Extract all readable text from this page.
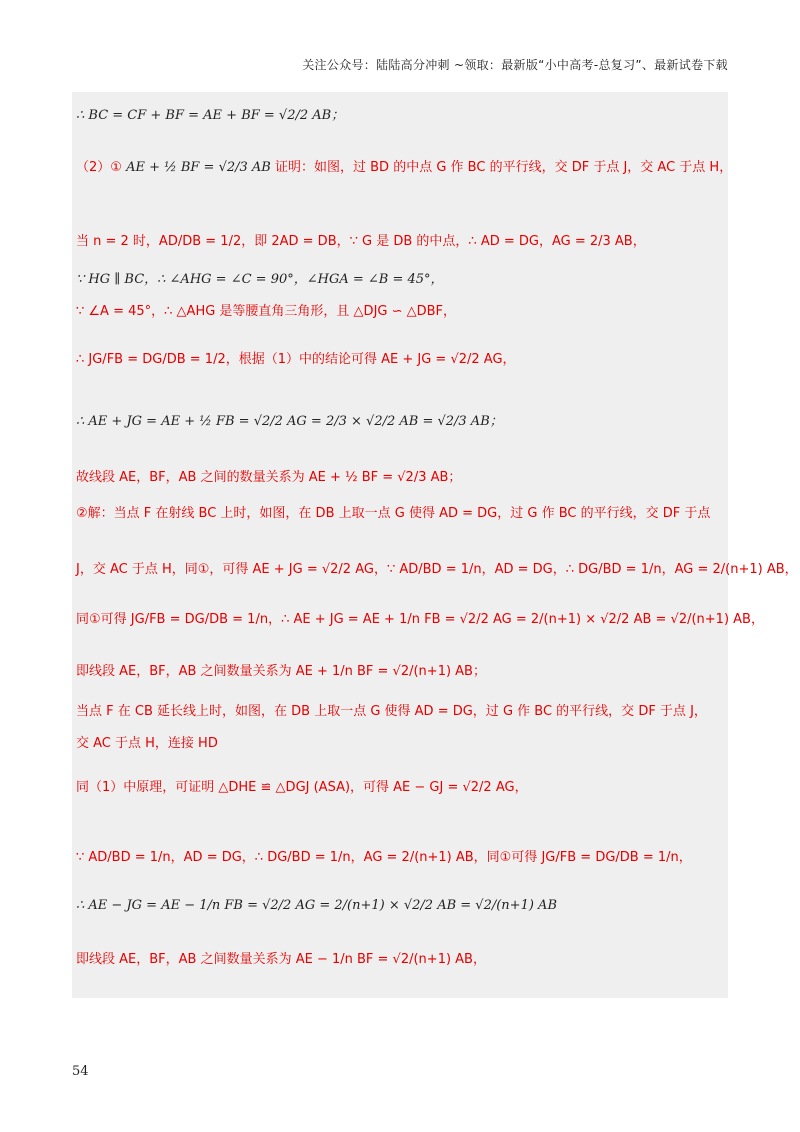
关注公众号：陆陆高分冲刺 ~领取：最新版“小中高考-总复习”、最新试卷下载
∴ BC = CF + BF = AE + BF = √2/2 AB；
（2）① AE + ½ BF = √2/3 AB 证明：如图，过 BD 的中点 G 作 BC 的平行线，交 DF 于点 J，交 AC 于点 H，
当 n = 2 时，AD/DB = 1/2，即 2AD = DB，∵ G 是 DB 的中点，∴ AD = DG，AG = 2/3 AB，
∵ HG ∥ BC，∴ ∠AHG = ∠C = 90°，∠HGA = ∠B = 45°，
∵ ∠A = 45°，∴ △AHG 是等腰直角三角形，且 △DJG ∽ △DBF，
∴ JG/FB = DG/DB = 1/2，根据（1）中的结论可得 AE + JG = √2/2 AG，
∴ AE + JG = AE + ½ FB = √2/2 AG = 2/3 × √2/2 AB = √2/3 AB；
故线段 AE，BF，AB 之间的数量关系为 AE + ½ BF = √2/3 AB；
②解：当点 F 在射线 BC 上时，如图，在 DB 上取一点 G 使得 AD = DG，过 G 作 BC 的平行线，交 DF 于点
J，交 AC 于点 H，同①，可得 AE + JG = √2/2 AG，∵ AD/BD = 1/n，AD = DG，∴ DG/BD = 1/n，AG = 2/(n+1) AB，
同①可得 JG/FB = DG/DB = 1/n，∴ AE + JG = AE + 1/n FB = √2/2 AG = 2/(n+1) × √2/2 AB = √2/(n+1) AB，
即线段 AE，BF，AB 之间数量关系为 AE + 1/n BF = √2/(n+1) AB；
当点 F 在 CB 延长线上时，如图，在 DB 上取一点 G 使得 AD = DG，过 G 作 BC 的平行线，交 DF 于点 J，
交 AC 于点 H，连接 HD
同（1）中原理，可证明 △DHE ≌ △DGJ (ASA)，可得 AE − GJ = √2/2 AG，
∵ AD/BD = 1/n，AD = DG，∴ DG/BD = 1/n，AG = 2/(n+1) AB，同①可得 JG/FB = DG/DB = 1/n，
∴ AE − JG = AE − 1/n FB = √2/2 AG = 2/(n+1) × √2/2 AB = √2/(n+1) AB
即线段 AE，BF，AB 之间数量关系为 AE − 1/n BF = √2/(n+1) AB，
54
